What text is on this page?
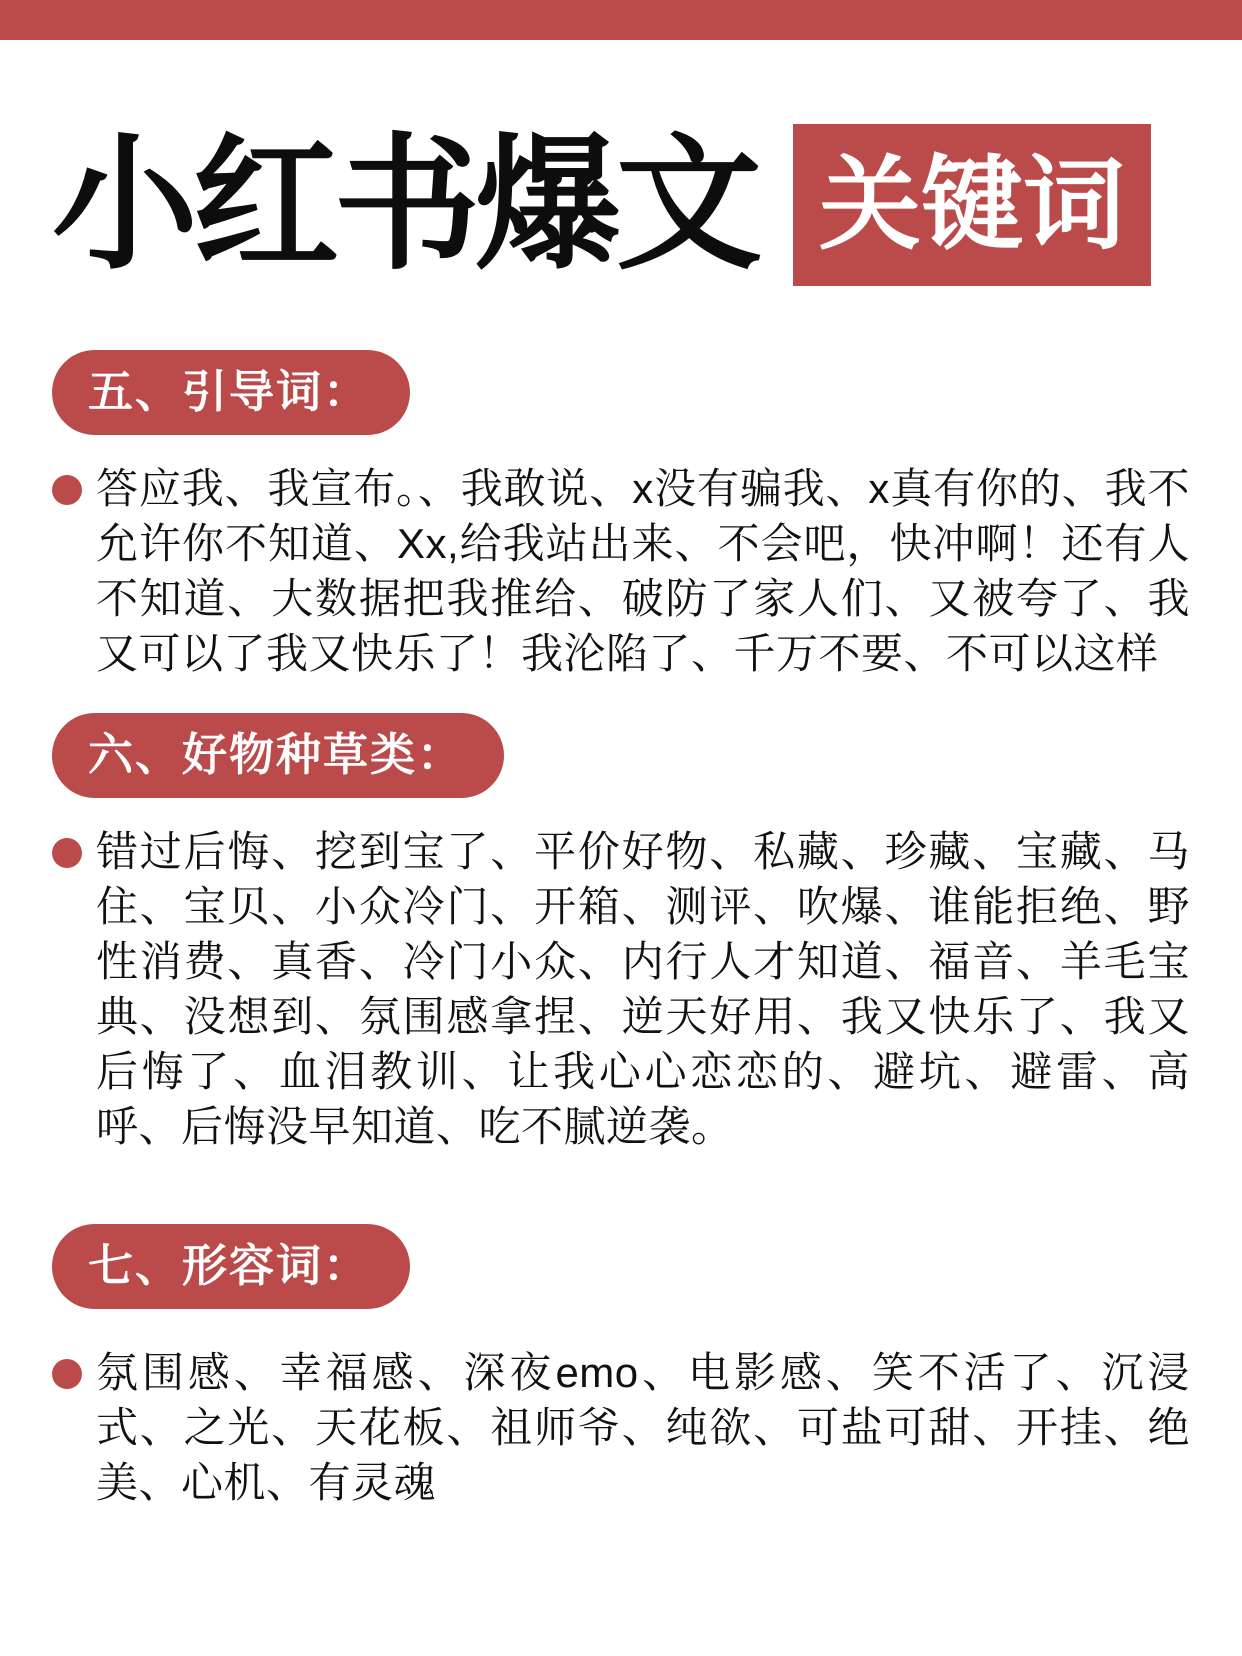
小红书爆文 关键词
五、引导词：
答应我、我宣布。、我敢说、x没有骗我、x真有你的、我不允许你不知道、Xx,给我站出来、不会吧，快冲啊！还有人不知道、大数据把我推给、破防了家人们、又被夸了、我又可以了我又快乐了！我沦陷了、千万不要、不可以这样
六、好物种草类：
错过后悔、挖到宝了、平价好物、私藏、珍藏、宝藏、马住、宝贝、小众冷门、开箱、测评、吹爆、谁能拒绝、野性消费、真香、冷门小众、内行人才知道、福音、羊毛宝典、没想到、氛围感拿捏、逆天好用、我又快乐了、我又后悔了、血泪教训、让我心心恋恋的、避坑、避雷、高呼、后悔没早知道、吃不腻逆袭。
七、形容词：
氛围感、幸福感、深夜emo、电影感、笑不活了、沉浸式、之光、天花板、祖师爷、纯欲、可盐可甜、开挂、绝美、心机、有灵魂
